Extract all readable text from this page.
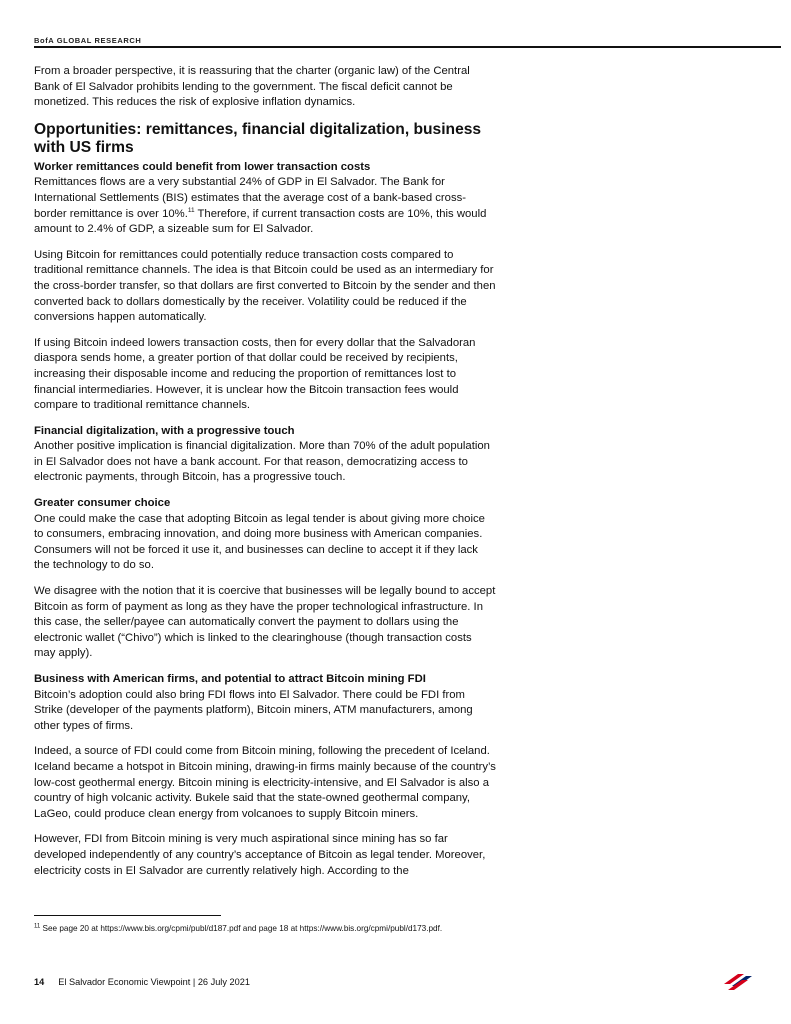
BofA GLOBAL RESEARCH

From a broader perspective, it is reassuring that the charter (organic law) of the Central Bank of El Salvador prohibits lending to the government. The fiscal deficit cannot be monetized. This reduces the risk of explosive inflation dynamics.

Opportunities: remittances, financial digitalization, business with US firms
Worker remittances could benefit from lower transaction costs

Remittances flows are a very substantial 24% of GDP in El Salvador. The Bank for International Settlements (BIS) estimates that the average cost of a bank-based cross-border remittance is over 10%.$^{11}$ Therefore, if current transaction costs are 10%, this would amount to 2.4% of GDP, a sizeable sum for El Salvador.

Using Bitcoin for remittances could potentially reduce transaction costs compared to traditional remittance channels. The idea is that Bitcoin could be used as an intermediary for the cross-border transfer, so that dollars are first converted to Bitcoin by the sender and then converted back to dollars domestically by the receiver. Volatility could be reduced if the conversions happen automatically.

If using Bitcoin indeed lowers transaction costs, then for every dollar that the Salvadoran diaspora sends home, a greater portion of that dollar could be received by recipients, increasing their disposable income and reducing the proportion of remittances lost to financial intermediaries. However, it is unclear how the Bitcoin transaction fees would compare to traditional remittance channels.

Financial digitalization, with a progressive touch

Another positive implication is financial digitalization. More than 70% of the adult population in El Salvador does not have a bank account. For that reason, democratizing access to electronic payments, through Bitcoin, has a progressive touch.

Greater consumer choice

One could make the case that adopting Bitcoin as legal tender is about giving more choice to consumers, embracing innovation, and doing more business with American companies. Consumers will not be forced it use it, and businesses can decline to accept it if they lack the technology to do so.

We disagree with the notion that it is coercive that businesses will be legally bound to accept Bitcoin as form of payment as long as they have the proper technological infrastructure. In this case, the seller/payee can automatically convert the payment to dollars using the electronic wallet (“Chivo”) which is linked to the clearinghouse (though transaction costs may apply).

Business with American firms, and potential to attract Bitcoin mining FDI

Bitcoin’s adoption could also bring FDI flows into El Salvador. There could be FDI from Strike (developer of the payments platform), Bitcoin miners, ATM manufacturers, among other types of firms.

Indeed, a source of FDI could come from Bitcoin mining, following the precedent of Iceland. Iceland became a hotspot in Bitcoin mining, drawing-in firms mainly because of the country’s low-cost geothermal energy. Bitcoin mining is electricity-intensive, and El Salvador is also a country of high volcanic activity. Bukele said that the state-owned geothermal company, LaGeo, could produce clean energy from volcanoes to supply Bitcoin miners.

However, FDI from Bitcoin mining is very much aspirational since mining has so far developed independently of any country’s acceptance of Bitcoin as legal tender. Moreover, electricity costs in El Salvador are currently relatively high. According to the

$^{11}$ See page 20 at https://www.bis.org/cpmi/publ/d187.pdf and page 18 at https://www.bis.org/cpmi/publ/d173.pdf.
14 El Salvador Economic Viewpoint | 26 July 2021
